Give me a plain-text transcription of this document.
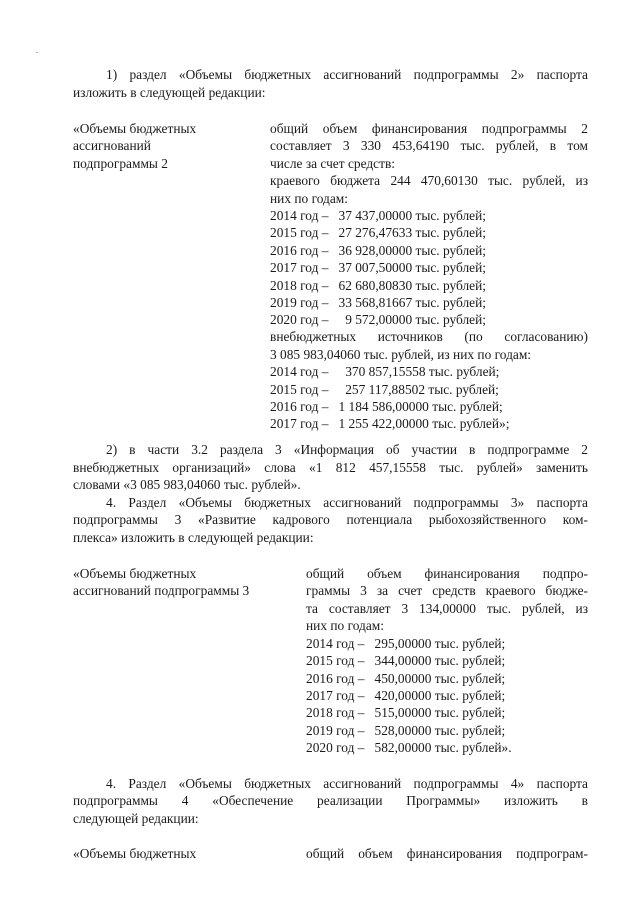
1) раздел «Объемы бюджетных ассигнований подпрограммы 2» паспорта
изложить в следующей редакции:
«Объемы бюджетных
ассигнований
подпрограммы 2
общий объем финансирования подпрограммы 2
составляет 3 330 453,64190 тыс. рублей, в том
числе за счет средств:
краевого бюджета 244 470,60130 тыс. рублей, из
них по годам:
2014 год –   37 437,00000 тыс. рублей;
2015 год –   27 276,47633 тыс. рублей;
2016 год –   36 928,00000 тыс. рублей;
2017 год –   37 007,50000 тыс. рублей;
2018 год –   62 680,80830 тыс. рублей;
2019 год –   33 568,81667 тыс. рублей;
2020 год –     9 572,00000 тыс. рублей;
внебюджетных источников (по согласованию)
3 085 983,04060 тыс. рублей, из них по годам:
2014 год –     370 857,15558 тыс. рублей;
2015 год –     257 117,88502 тыс. рублей;
2016 год –   1 184 586,00000 тыс. рублей;
2017 год –   1 255 422,00000 тыс. рублей»;
2) в части 3.2 раздела 3 «Информация об участии в подпрограмме 2
внебюджетных организаций» слова «1 812 457,15558 тыс. рублей» заменить
словами «3 085 983,04060 тыс. рублей».
4. Раздел «Объемы бюджетных ассигнований подпрограммы 3» паспорта
подпрограммы 3 «Развитие кадрового потенциала рыбохозяйственного ком-
плекса» изложить в следующей редакции:
«Объемы бюджетных
ассигнований подпрограммы 3
общий объем финансирования подпро-
граммы 3 за счет средств краевого бюдже-
та составляет 3 134,00000 тыс. рублей, из
них по годам:
2014 год –   295,00000 тыс. рублей;
2015 год –   344,00000 тыс. рублей;
2016 год –   450,00000 тыс. рублей;
2017 год –   420,00000 тыс. рублей;
2018 год –   515,00000 тыс. рублей;
2019 год –   528,00000 тыс. рублей;
2020 год –   582,00000 тыс. рублей».
4. Раздел «Объемы бюджетных ассигнований подпрограммы 4» паспорта
подпрограммы 4 «Обеспечение реализации Программы» изложить в
следующей редакции:
«Объемы бюджетных	общий объем финансирования подпрограм-
